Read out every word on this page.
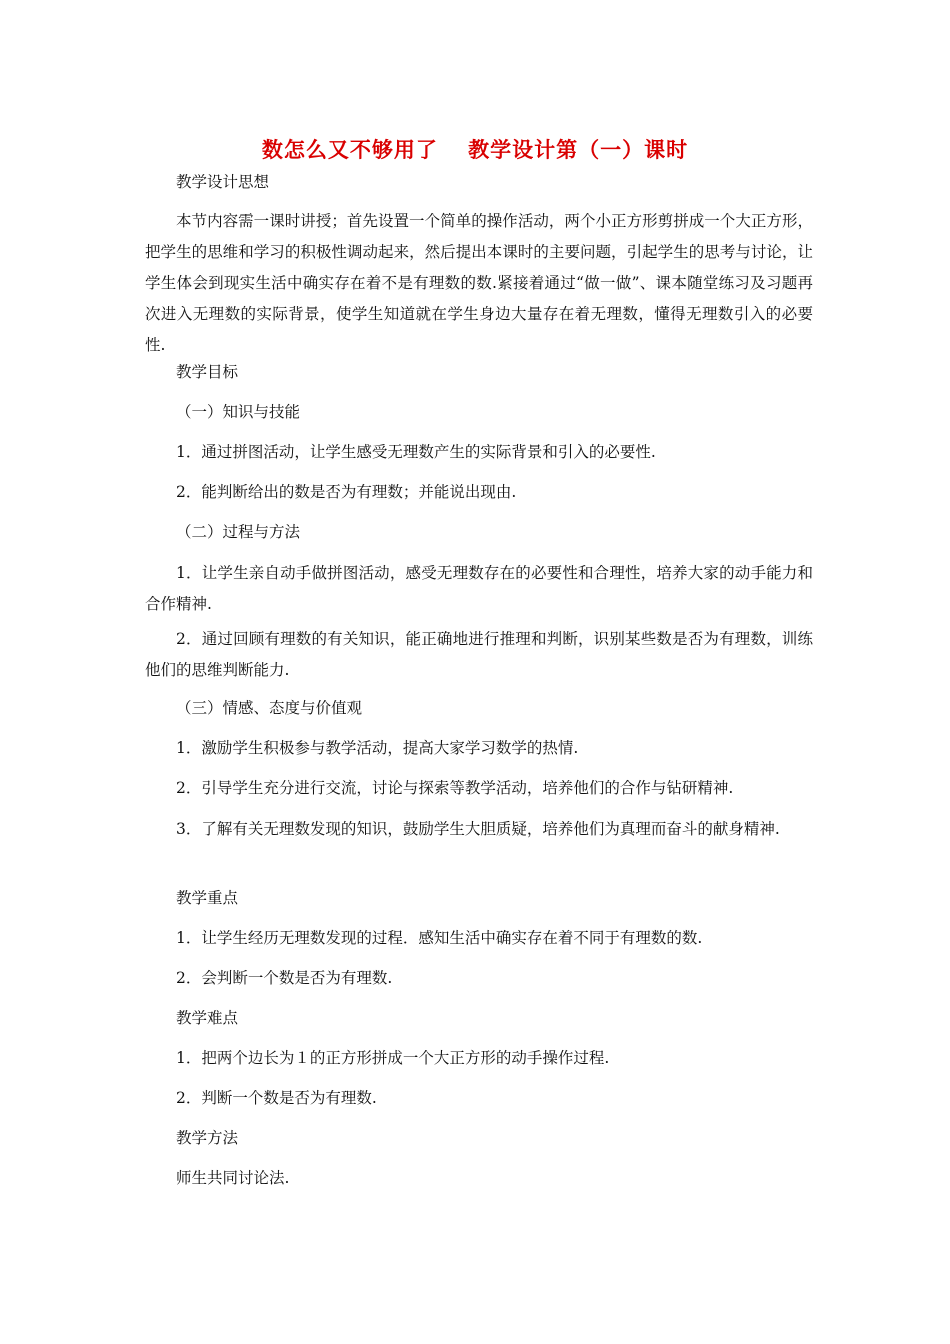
数怎么又不够用了　 教学设计第（一）课时
教学设计思想
本节内容需一课时讲授；首先设置一个简单的操作活动，两个小正方形剪拼成一个大正方形，把学生的思维和学习的积极性调动起来，然后提出本课时的主要问题，引起学生的思考与讨论，让学生体会到现实生活中确实存在着不是有理数的数.紧接着通过“做一做”、课本随堂练习及习题再次进入无理数的实际背景，使学生知道就在学生身边大量存在着无理数，懂得无理数引入的必要性.
教学目标
（一）知识与技能
1．通过拼图活动，让学生感受无理数产生的实际背景和引入的必要性.
2．能判断给出的数是否为有理数；并能说出现由.
（二）过程与方法
1．让学生亲自动手做拼图活动，感受无理数存在的必要性和合理性，培养大家的动手能力和合作精神.
2．通过回顾有理数的有关知识，能正确地进行推理和判断，识别某些数是否为有理数，训练他们的思维判断能力.
（三）情感、态度与价值观
1．激励学生积极参与教学活动，提高大家学习数学的热情.
2．引导学生充分进行交流，讨论与探索等教学活动，培养他们的合作与钻研精神.
3．了解有关无理数发现的知识，鼓励学生大胆质疑，培养他们为真理而奋斗的献身精神.
教学重点
1．让学生经历无理数发现的过程．感知生活中确实存在着不同于有理数的数.
2．会判断一个数是否为有理数.
教学难点
1．把两个边长为１的正方形拼成一个大正方形的动手操作过程.
2．判断一个数是否为有理数.
教学方法
师生共同讨论法.
